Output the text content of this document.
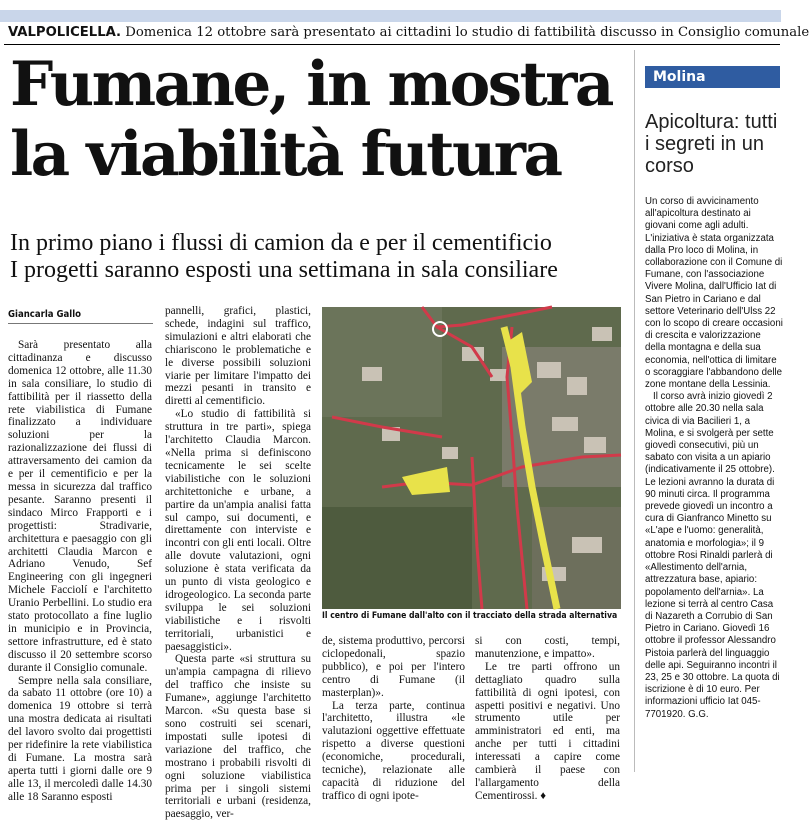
VALPOLICELLA. Domenica 12 ottobre sarà presentato ai cittadini lo studio di fattibilità discusso in Consiglio comunale
Fumane, in mostra
la viabilità futura
In primo piano i flussi di camion da e per il cementificio
I progetti saranno esposti una settimana in sala consiliare
Giancarla Gallo

Sarà presentato alla cittadinanza e discusso domenica 12 ottobre, alle 11.30 in sala consiliare, lo studio di fattibilità per il riassetto della rete viabilistica di Fumane finalizzato a individuare soluzioni per la razionalizzazione dei flussi di attraversamento dei camion da e per il cementificio e per la messa in sicurezza dal traffico pesante. Saranno presenti il sindaco Mirco Frapporti e i progettisti: Stradivarie, architettura e paesaggio con gli architetti Claudia Marcon e Adriano Venudo, Sef Engineering con gli ingegneri Michele Facciolí e l'architetto Uranio Perbellini. Lo studio era stato protocollato a fine luglio in municipio e in Provincia, settore infrastrutture, ed è stato discusso il 20 settembre scorso durante il Consiglio comunale.

Sempre nella sala consiliare, da sabato 11 ottobre (ore 10) a domenica 19 ottobre si terrà una mostra dedicata ai risultati del lavoro svolto dai progettisti per ridefinire la rete viabilistica di Fumane. La mostra sarà aperta tutti i giorni dalle ore 9 alle 13, il mercoledì dalle 14.30 alle 18 Saranno esposti

pannelli, grafici, plastici, schede, indagini sul traffico, simulazioni e altri elaborati che chiariscono le problematiche e le diverse possibili soluzioni viarie per limitare l'impatto dei mezzi pesanti in transito e diretti al cementificio.

«Lo studio di fattibilità si struttura in tre parti», spiega l'architetto Claudia Marcon. «Nella prima si definiscono tecnicamente le sei scelte viabilistiche con le soluzioni architettoniche e urbane, a partire da un'ampia analisi fatta sul campo, sui documenti, e direttamente con interviste e incontri con gli enti locali. Oltre alle dovute valutazioni, ogni soluzione è stata verificata da un punto di vista geologico e idrogeologico. La seconda parte sviluppa le sei soluzioni viabilistiche e i risvolti territoriali, urbanistici e paesaggistici».

Questa parte «si struttura su un'ampia campagna di rilievo del traffico che insiste su Fumane», aggiunge l'architetto Marcon. «Su questa base si sono costruiti sei scenari, impostati sulle ipotesi di variazione del traffico, che mostrano i probabili risvolti di ogni soluzione viabilistica prima per i singoli sistemi territoriali e urbani (residenza, paesaggio, ver-

Il centro di Fumane dall'alto con il tracciato della strada alternativa

de, sistema produttivo, percorsi ciclopedonali, spazio pubblico), e poi per l'intero centro di Fumane (il masterplan)».

La terza parte, continua l'architetto, illustra «le valutazioni oggettive effettuate rispetto a diverse questioni (economiche, procedurali, tecniche), relazionate alle capacità di riduzione del traffico di ogni ipote-

si con costi, tempi, manutenzione, e impatto».

Le tre parti offrono un dettagliato quadro sulla fattibilità di ogni ipotesi, con aspetti positivi e negativi. Uno strumento utile per amministratori ed enti, ma anche per tutti i cittadini interessati a capire come cambierà il paese con l'allargamento della Cementirossi. ♦

Molina
Apicoltura: tutti i segreti in un corso

Un corso di avvicinamento all'apicoltura destinato ai giovani come agli adulti. L'iniziativa è stata organizzata dalla Pro loco di Molina, in collaborazione con il Comune di Fumane, con l'associazione Vivere Molina, dall'Ufficio Iat di San Pietro in Cariano e dal settore Veterinario dell'Ulss 22 con lo scopo di creare occasioni di crescita e valorizzazione della montagna e della sua economia, nell'ottica di limitare o scoraggiare l'abbandono delle zone montane della Lessinia.

Il corso avrà inizio giovedì 2 ottobre alle 20.30 nella sala civica di via Bacilieri 1, a Molina, e si svolgerà per sette giovedì consecutivi, più un sabato con visita a un apiario (indicativamente il 25 ottobre). Le lezioni avranno la durata di 90 minuti circa. Il programma prevede giovedì un incontro a cura di Gianfranco Minetto su «L'ape e l'uomo: generalità, anatomia e morfologia»; il 9 ottobre Rosi Rinaldi parlerà di «Allestimento dell'arnia, attrezzatura base, apiario: popolamento dell'arnia». La lezione si terrà al centro Casa di Nazareth a Corrubio di San Pietro in Cariano. Giovedì 16 ottobre il professor Alessandro Pistoia parlerà del linguaggio delle api. Seguiranno incontri il 23, 25 e 30 ottobre. La quota di iscrizione è di 10 euro. Per informazioni ufficio Iat 045-7701920. G.G.
